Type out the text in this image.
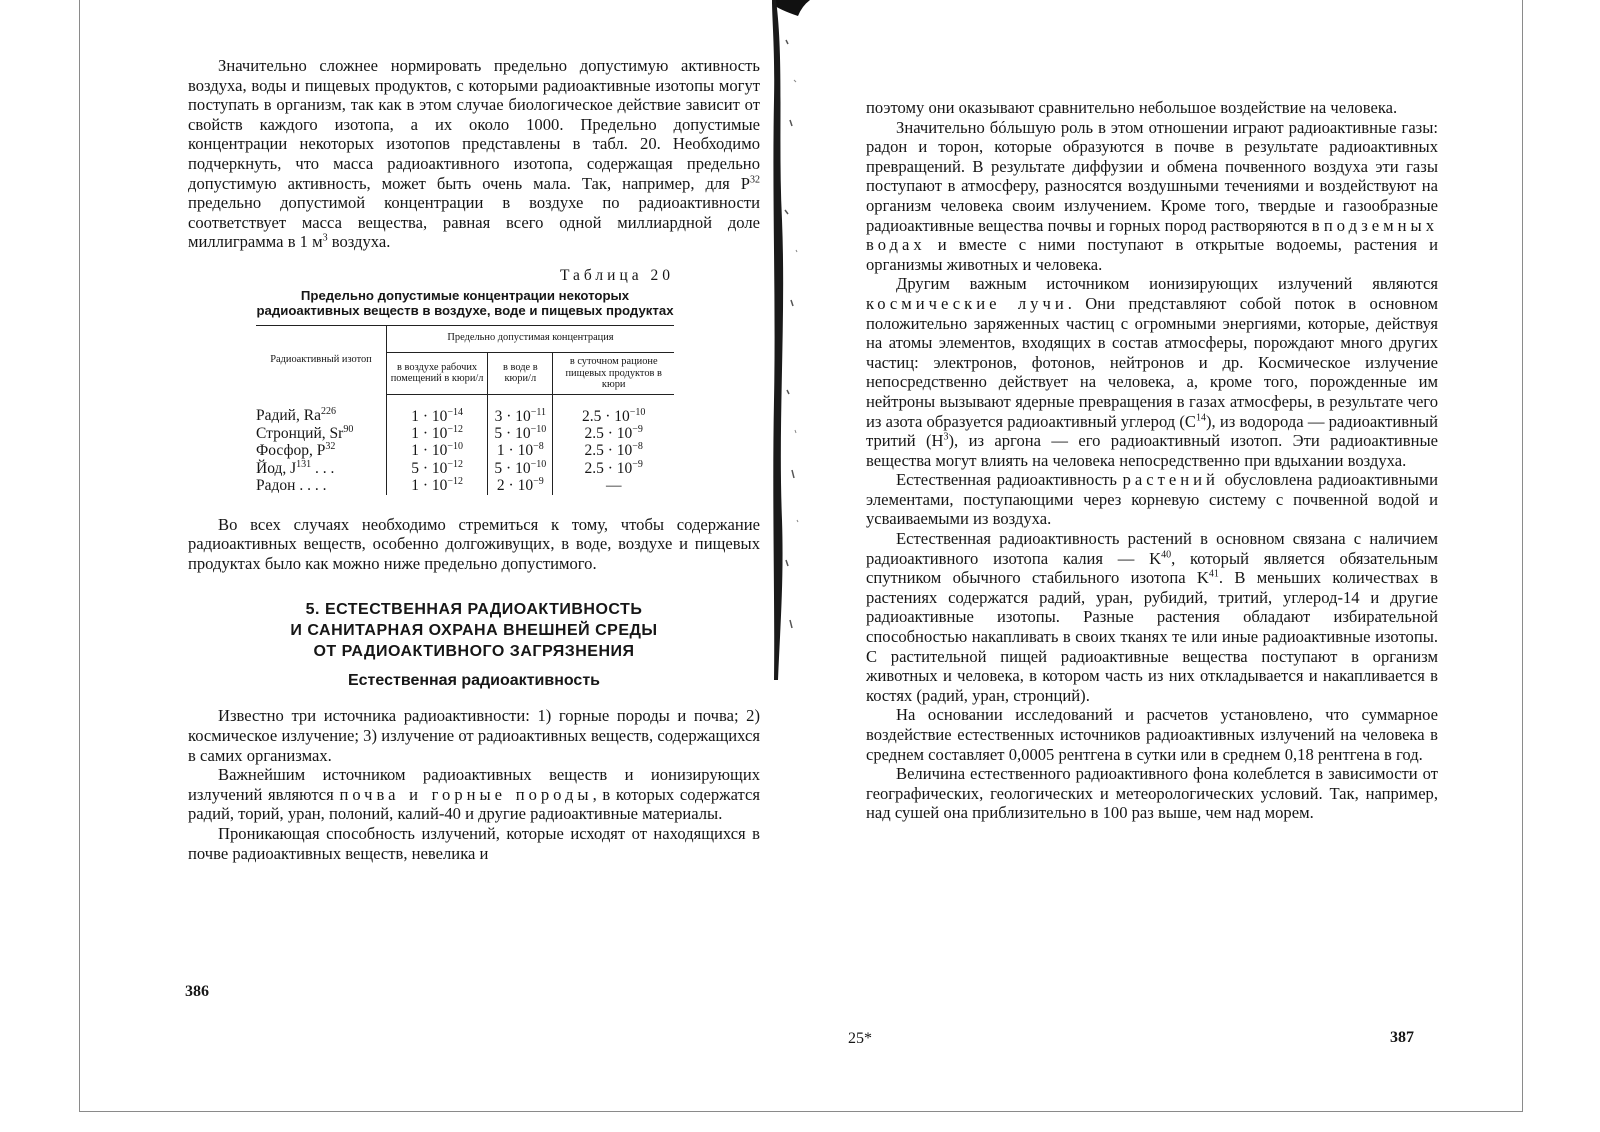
Значительно сложнее нормировать предельно допустимую активность воздуха, воды и пищевых продуктов, с которыми радиоактивные изотопы могут поступать в организм, так как в этом случае биологическое действие зависит от свойств каждого изотопа, а их около 1000. Предельно допустимые концентрации некоторых изотопов представлены в табл. 20. Необходимо подчеркнуть, что масса радиоактивного изотопа, содержащая предельно допустимую активность, может быть очень мала. Так, например, для $P^{32}$ предельно допустимой концентрации в воздухе по радиоактивности соответствует масса вещества, равная всего одной миллиардной доле миллиграмма в 1 $м^3$ воздуха.

Таблица 20
Предельно допустимые концентрации некоторых радиоактивных веществ в воздухе, воде и пищевых продуктах
Радиоактивный изотоп	Предельно допустимая концентрация		
	в воздухе рабочих помещений в кюри/л	в воде в кюри/л	в суточном рационе пищевых продуктов в кюри
Радий, Ra$^{226}$	$1 \cdot 10^{-14}$	$3 \cdot 10^{-11}$	$2.5 \cdot 10^{-10}$
Стронций, Sr$^{90}$	$1 \cdot 10^{-12}$	$5 \cdot 10^{-10}$	$2.5 \cdot 10^{-9}$
Фосфор, $P^{32}$	$1 \cdot 10^{-10}$	$1 \cdot 10^{-8}$	$2.5 \cdot 10^{-8}$
Йод, $J^{131}$ . . .	$5 \cdot 10^{-12}$	$5 \cdot 10^{-10}$	$2.5 \cdot 10^{-9}$
Радон . . . .	$1 \cdot 10^{-12}$	$2 \cdot 10^{-9}$	—

Во всех случаях необходимо стремиться к тому, чтобы содержание радиоактивных веществ, особенно долгоживущих, в воде, воздухе и пищевых продуктах было как можно ниже предельно допустимого.

5. ЕСТЕСТВЕННАЯ РАДИОАКТИВНОСТЬ
И САНИТАРНАЯ ОХРАНА ВНЕШНЕЙ СРЕДЫ
ОТ РАДИОАКТИВНОГО ЗАГРЯЗНЕНИЯ
Естественная радиоактивность

Известно три источника радиоактивности: 1) горные породы и почва; 2) космическое излучение; 3) излучение от радиоактивных веществ, содержащихся в самих организмах.

Важнейшим источником радиоактивных веществ и ионизирующих излучений являются почва и горные породы, в которых содержатся радий, торий, уран, полоний, калий-40 и другие радиоактивные материалы.

Проникающая способность излучений, которые исходят от находящихся в почве радиоактивных веществ, невелика и

386

поэтому они оказывают сравнительно небольшое воздействие на человека.

Значительно бóльшую роль в этом отношении играют радиоактивные газы: радон и торон, которые образуются в почве в результате радиоактивных превращений. В результате диффузии и обмена почвенного воздуха эти газы поступают в атмосферу, разносятся воздушными течениями и воздействуют на организм человека своим излучением. Кроме того, твердые и газообразные радиоактивные вещества почвы и горных пород растворяются в подземных водах и вместе с ними поступают в открытые водоемы, растения и организмы животных и человека.

Другим важным источником ионизирующих излучений являются космические лучи. Они представляют собой поток в основном положительно заряженных частиц с огромными энергиями, которые, действуя на атомы элементов, входящих в состав атмосферы, порождают много других частиц: электронов, фотонов, нейтронов и др. Космическое излучение непосредственно действует на человека, а, кроме того, порожденные им нейтроны вызывают ядерные превращения в газах атмосферы, в результате чего из азота образуется радиоактивный углерод $(C^{14})$, из водорода — радиоактивный тритий $(H^3)$, из аргона — его радиоактивный изотоп. Эти радиоактивные вещества могут влиять на человека непосредственно при вдыхании воздуха.

Естественная радиоактивность растений обусловлена радиоактивными элементами, поступающими через корневую систему с почвенной водой и усваиваемыми из воздуха.

Естественная радиоактивность растений в основном связана с наличием радиоактивного изотопа калия — $K^{40}$, который является обязательным спутником обычного стабильного изотопа $K^{41}$. В меньших количествах в растениях содержатся радий, уран, рубидий, тритий, углерод-14 и другие радиоактивные изотопы. Разные растения обладают избирательной способностью накапливать в своих тканях те или иные радиоактивные изотопы. С растительной пищей радиоактивные вещества поступают в организм животных и человека, в котором часть из них откладывается и накапливается в костях (радий, уран, стронций).

На основании исследований и расчетов установлено, что суммарное воздействие естественных источников радиоактивных излучений на человека в среднем составляет 0,0005 рентгена в сутки или в среднем 0,18 рентгена в год.

Величина естественного радиоактивного фона колеблется в зависимости от географических, геологических и метеорологических условий. Так, например, над сушей она приблизительно в 100 раз выше, чем над морем.

25*	387
